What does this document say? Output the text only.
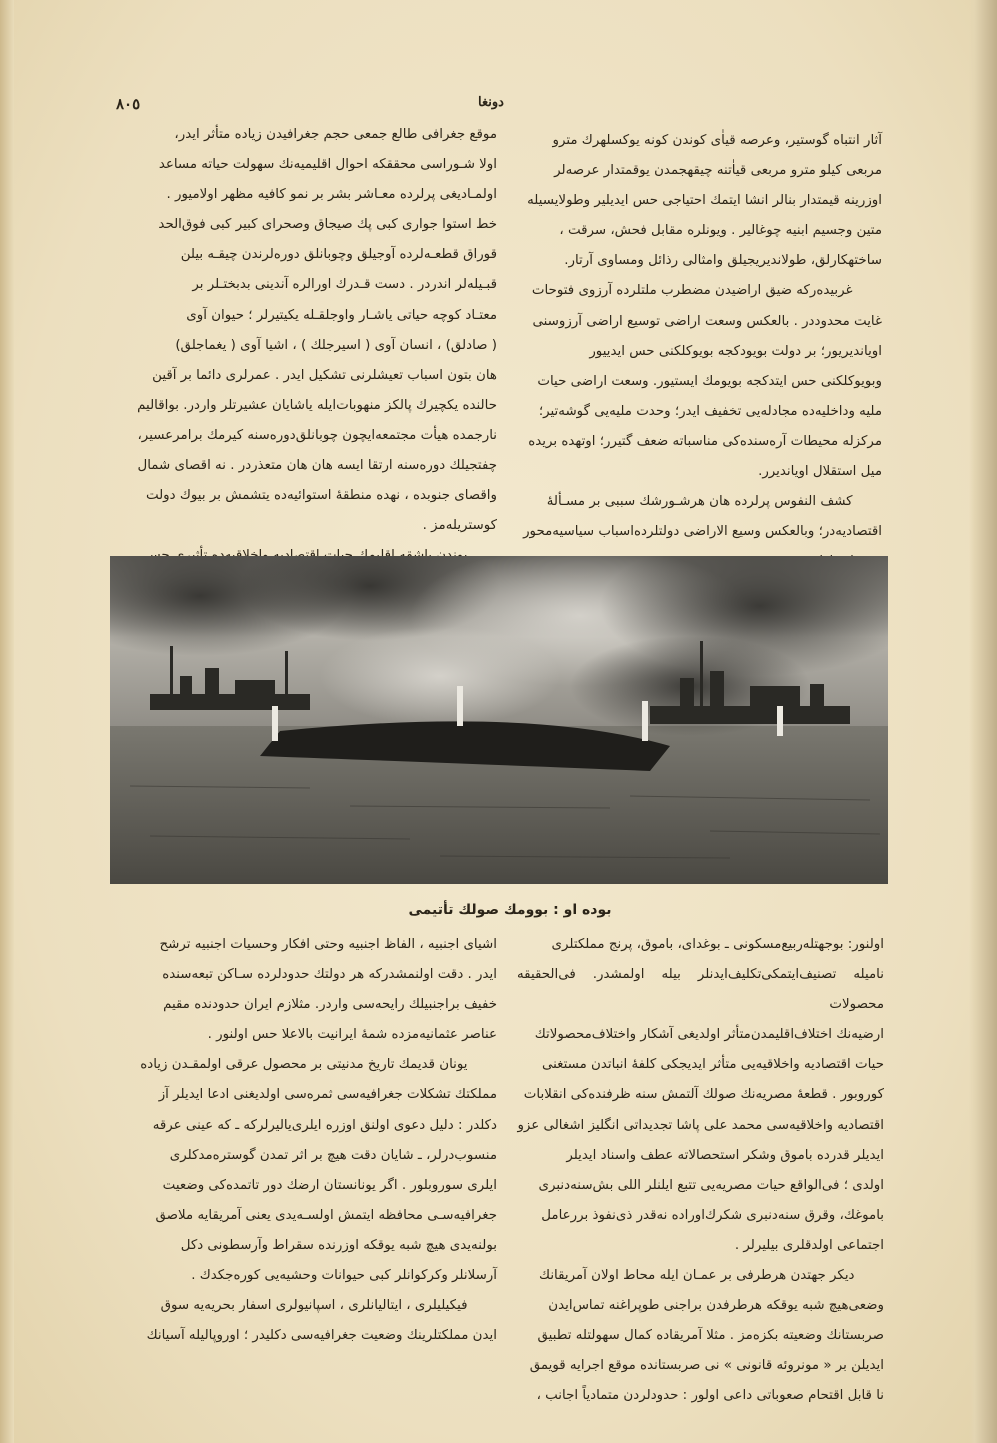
٨٠٥	دونغا

آثار انتباه گوستیر، وعرصه قیاٰی کوندن کونه یوکسلهرك مترو

مربعی کیلو مترو مربعی قیاٰتنه چیقهجمدن یوقمتدار عرصه‌لر

اوزرینه قیمتدار بنالر انشا ایتمك احتیاجی حس ایدیلیر وطولایسیله

متین وجسیم ابنیه چوغالیر . ویونلره مقابل فحش، سرقت ،

ساختهکارلق، طولاندیریجیلق وامثالی رذائل ومساوی آرتار.

غربیده‌رکه ضیق اراضیدن مضطرب ملتلرده آرزوی فتوحات

غایت محدوددر . بالعکس وسعت اراضی توسیع اراضی آرزوسنی

اویاندیریور؛ بر دولت بویودکجه بویوکلکنی حس ایدییور

وبویوکلکنی حس ایتدکجه بویومك ایستیور. وسعت اراضی حیات

ملیه وداخلیه‌ده مجادله‌یی تخفیف ایدر؛ وحدت ملیه‌یی گوشه‌تیر؛

مرکزله محیطات آره‌سنده‌کی مناسباته ضعف گتیرر؛ اوتهده بریده

میل استقلال اویاندیرر.

کشف النفوس پرلرده هان هرشـورشك سببی بر مسـأله‌ٔ

اقتصادیه‌در؛ وبالعکس وسیع الاراضی دولتلرده‌اسباب سیاسیه‌محور

موقع جغرافی طالع جمعی حجم جغرافیدن زیاده متأثر ایدر،

اولا شـوراسی محققکه احوال اقلیمیه‌نك سهولت حیاته مساعد

اولمـادیغی پرلرده معـاشر بشر بر نمو کافیه مظهر اولامیور .

خط استوا جواری کبی پك صیجاق وصحرای کبیر کبی فوق‌الحد

قوراق قطعـه‌لرده آوجیلق وچوبانلق دوره‌لرندن چیقـه بیلن

قبـیله‌لر اندردر . دست قـدرك اورالره آندینی بدبختـلر بر

معتـاد کوچه حیاتی یاشـار واوجلقـله یکیتیرلر ؛ حیوان آوی

( صادلق) ، انسان آوی ( اسیرجلك ) ، اشیا آوی ( یغماجلق)

هان بتون اسباب تعیشلرنی تشکیل ایدر . عمرلری دائما بر آقین

حالنده یکچیرك پالکز منهوبات‌ایله یاشایان عشیرتلر واردر. بواقالیم

نارجمده هیأت مجتمعه‌ایچون چوبانلق‌دوره‌سنه کیرمك برامرعسیر،

چفتجیلك دوره‌سنه ارتقا ایسه هان هان متعذردر . نه اقصای شمال

واقصای جنوبده ، نهده منطقهٔ استوائیه‌ده یتشمش بر بیوك دولت

کوستریله‌مز .

بوده او : بوومك صولك تأتیمی

اولنور: بوجهتله‌ربیع‌مسکونی ـ بوغدای، باموق، پرنج مملکتلری

نامیله تصنیف‌ایتمکی‌تکلیف‌ایدنلر بیله اولمشدر. فی‌الحقیقه محصولات

ارضیه‌نك اختلاف‌اقلیمدن‌متأثر اولدیغی آشکار واختلاف‌محصولاتك

حیات اقتصادیه واخلاقیه‌یی متأثر ایدیجکی کلفهٔ انباتدن مستغنی

کوروبور . قطعهٔ مصریه‌نك صولك آلتمش سنه ظرفنده‌کی انقلابات

اقتصادیه واخلاقیه‌سی محمد علی پاشا تجدیداتی انگلیز اشغالی عزو

ایدیلر قدرده باموق وشکر استحصالاته عطف واسناد ایدیلر

اولدی ؛ فی‌الواقع حیات مصریه‌یی تتبع ایلنلر اللی بش‌سنه‌دنبری

باموغك، وقرق سنه‌دنبری شکرك‌اوراده نه‌قدر ذی‌نفوذ بررعامل

اجتماعی اولدقلری بیلیرلر .

دیکر جهتدن هرطرفی بر عمـان ایله محاط اولان آمریقانك

وضعی‌هیچ شبه یوقکه هرطرفدن براجنی طوپراغنه تماس‌ایدن

صربستانك وضعیته بکزه‌مز . مثلا آمریقاده کمال سهولتله تطبیق

ایدیلن بر « مونروئه قانونی » نی صربستانده موقع اجرایه قویمق

نا قابل اقتحام صعوباتی داعی اولور : حدودلردن متمادیاً اجانب ،

اشیای اجنبیه ، الفاظ اجنبیه وحتی افکار وحسیات اجنبیه ترشح

ایدر . دقت اولنمشدرکه هر دولتك حدودلرده سـاکن تبعه‌سنده

خفیف براجنبیلك رایحه‌سی واردر. مثلازم ایران حدودنده مقیم

عناصر عثمانیه‌مزده شمهٔ ایرانیت بالاعلا حس اولنور .

یونان قدیمك تاریخ مدنیتی بر محصول عرقی اولمقـدن زیاده

مملکتك تشکلات جغرافیه‌سی ثمره‌سی اولدیغنی ادعا ایدیلر آز

دکلدر : دلیل دعوی اولنق اوزره ایلری‌یالیرلرکه ـ که عینی عرقه

منسوب‌درلر، ـ شایان دقت هیچ بر اثر تمدن گوستره‌مدکلری

ایلری سوروبلور . اگر یونانستان ارضك دور تاتمده‌کی وضعیت

جغرافیه‌سـی محافظه ایتمش اولسـه‌یدی یعنی آمریقایه ملاصق

بولنه‌یدی هیچ شبه یوقکه اوزرنده سقراط وآرسطونی دکل

آرسلانلر وکرکوانلر کبی حیوانات وحشیه‌یی کوره‌جکدك .

فیکیلیلری ، ایتالیانلری ، اسپانیولری اسفار بحریه‌یه سوق

ایدن مملکتلرینك وضعیت جغرافیه‌سی دکلیدر ؛ اوروپالیله آسیانك
